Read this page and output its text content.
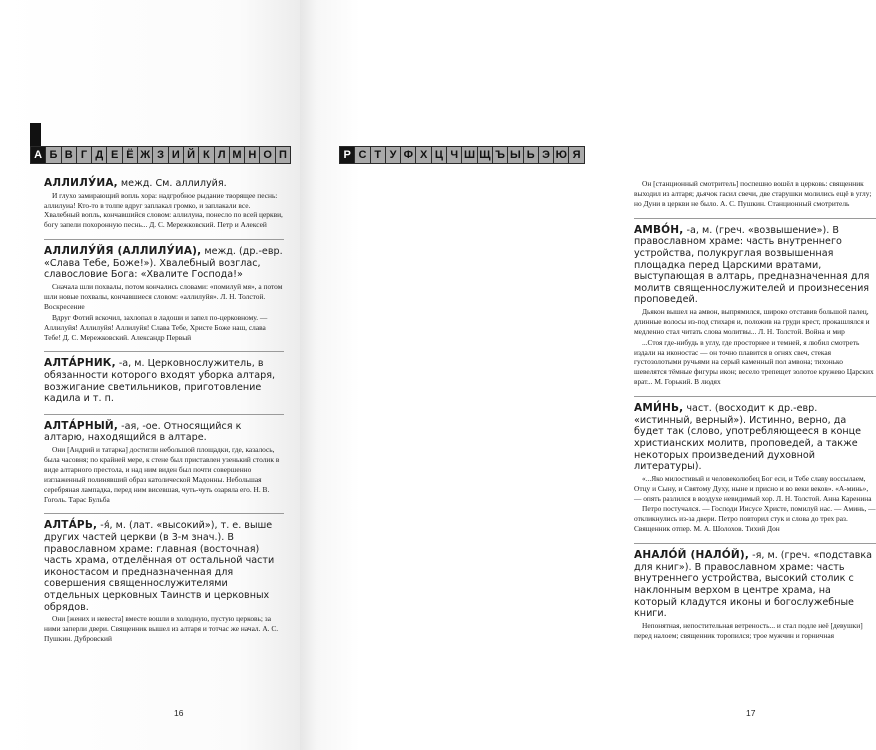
А Б В Г Д Е Ё Ж З И Й К Л М Н О П

АЛЛИЛУ́ИА, межд. См. аллилуйя.

И глухо замирающий вопль хора: надгробное рыдание творящее песнь: аллилуиа! Кто-то в толпе вдруг заплакал громко, и заплакали все. Хвалебный вопль, кончавшийся словом: аллилуиа, понесло по всей церкви, богу запели похоронную песнь... Д. С. Мережковский. Петр и Алексей

АЛЛИЛУ́ЙЯ (АЛЛИЛУ́ИА), межд. (др.-евр. «Слава Тебе, Боже!»). Хвалебный возглас, славословие Бога: «Хвалите Господа!»

Сначала шли похвалы, потом кончались словами: «помилуй мя», а потом шли новые похвалы, кончавшиеся словом: «аллилуйя». Л. Н. Толстой. Воскресение

Вдруг Фотий вскочил, захлопал в ладоши и запел по-церковному. — Аллилуйя! Аллилуйя! Аллилуйя! Слава Тебе, Христе Боже наш, слава Тебе! Д. С. Мережковский. Александр Первый

АЛТА́РНИК, -а, м. Церковнослужитель, в обязанности которого входят уборка алтаря, возжигание светильников, приготовление кадила и т. п.

АЛТА́РНЫЙ, -ая, -ое. Относящийся к алтарю, находящийся в алтаре.

Они [Андрий и татарка] достигли небольшой площадки, где, казалось, была часовня; по крайней мере, к стене был приставлен узенький столик в виде алтарного престола, и над ним виден был почти совершенно изглаженный полинявший образ католической Мадонны. Небольшая серебряная лампадка, перед ним висевшая, чуть-чуть озаряла его. Н. В. Гоголь. Тарас Бульба

АЛТА́РЬ, -я́, м. (лат. «высокий»), т. е. выше других частей церкви (в 3-м знач.). В православном храме: главная (восточная) часть храма, отделённая от остальной части иконостасом и предназначенная для совершения священнослужителями отдельных церковных Таинств и церковных обрядов.

Они [жених и невеста] вместе вошли в холодную, пустую церковь; за ними заперли двери. Священник вышел из алтаря и тотчас же начал. А. С. Пушкин. Дубровский

16
Р С Т У Ф Х Ц Ч Ш Щ Ъ Ы Ь Э Ю Я

Он [станционный смотритель] поспешно вошёл в церковь: священник выходил из алтаря; дьячок гасил свечи, две старушки молились ещё в углу; но Дуни в церкви не было. А. С. Пушкин. Станционный смотритель

АМВО́Н, -а, м. (греч. «возвышение»). В православном храме: часть внутреннего устройства, полукруглая возвышенная площадка перед Царскими вратами, выступающая в алтарь, предназначенная для молитв священнослужителей и произнесения проповедей.

Дьякон вышел на амвон, выпрямился, широко отставив большой палец, длинные волосы из-под стихаря и, положив на груди крест, прокашлялся и медленно стал читать слова молитвы... Л. Н. Толстой. Война и мир

...Стоя где-нибудь в углу, где просторнее и темней, я любил смотреть издали на иконостас — он точно плавится в огнях свеч, стекая густозолотыми ручьями на серый каменный пол амвона; тихонько шевелятся тёмные фигуры икон; весело трепещет золотое кружево Царских врат... М. Горький. В людях

АМИ́НЬ, част. (восходит к др.-евр. «истинный, верный»). Истинно, верно, да будет так (слово, употребляющееся в конце христианских молитв, проповедей, а также некоторых произведений духовной литературы).

«...Яко милостивый и человеколюбец Бог еси, и Тебе славу воссылаем, Отцу и Сыну, и Святому Духу, ныне и присно и во веки веков». «А-минь», — опять разлился в воздухе невидимый хор. Л. Н. Толстой. Анна Каренина

Петро постучался. — Господи Иисусе Христе, помилуй нас. — Аминь, — откликнулись из-за двери. Петро повторил стук и слова до трех раз. Священник отпер. М. А. Шолохов. Тихий Дон

АНАЛО́Й (НАЛО́Й), -я, м. (греч. «подставка для книг»). В православном храме: часть внутреннего устройства, высокий столик с наклонным верхом в центре храма, на который кладутся иконы и богослужебные книги.

Непонятная, непостительная ветреность... и стал подле неё [девушки] перед налоем; священник торопился; трое мужчин и горничная

17
